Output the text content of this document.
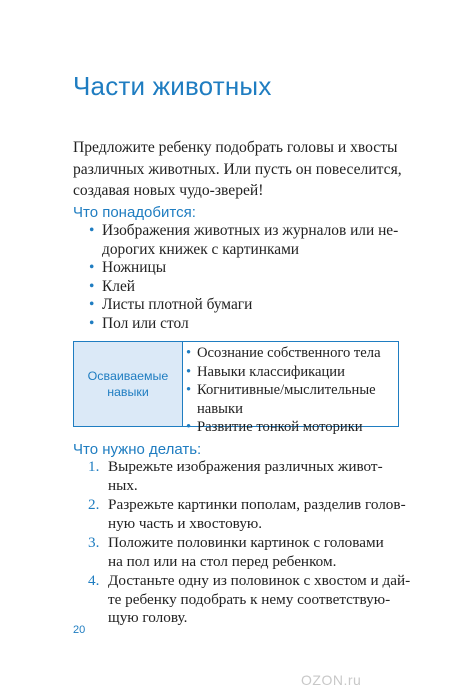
Части животных
Предложите ребенку подобрать головы и хвосты
различных животных. Или пусть он повеселится,
создавая новых чудо-зверей!
Что понадобится:
• Изображения животных из журналов или не-
дорогих книжек с картинками
• Ножницы
• Клей
• Листы плотной бумаги
• Пол или стол
Осваиваемые
навыки
• Осознание собственного тела
• Навыки классификации
• Когнитивные/мыслительные
навыки
• Развитие тонкой моторики
Что нужно делать:
1. Вырежьте изображения различных живот-
ных.
2. Разрежьте картинки пополам, разделив голов-
ную часть и хвостовую.
3. Положите половинки картинок с головами
на пол или на стол перед ребенком.
4. Достаньте одну из половинок с хвостом и дай-
те ребенку подобрать к нему соответствую-
щую голову.
20
OZON.ru
